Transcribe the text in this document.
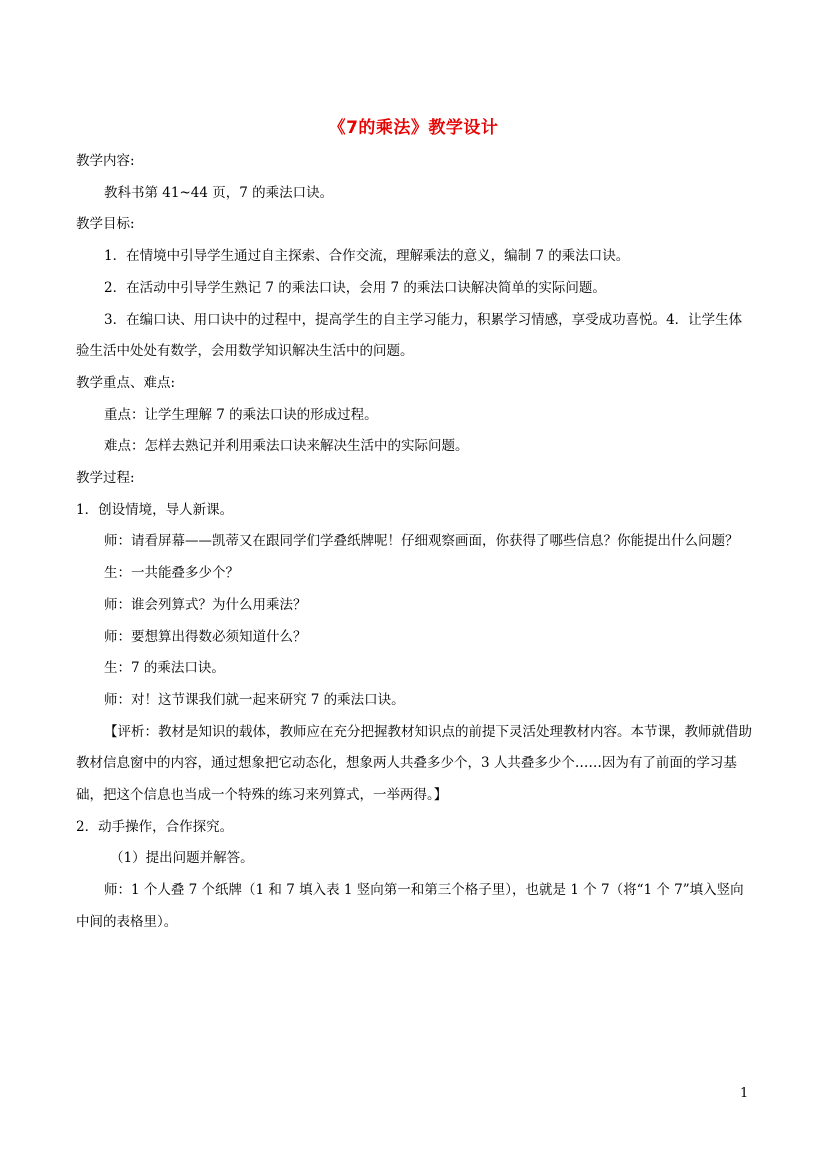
《7的乘法》教学设计

教学内容:

教科书第 41~44 页，7 的乘法口诀。

教学目标:

1．在情境中引导学生通过自主探索、合作交流，理解乘法的意义，编制 7 的乘法口诀。

2．在活动中引导学生熟记 7 的乘法口诀，会用 7 的乘法口诀解决简单的实际问题。

3．在编口诀、用口诀中的过程中，提高学生的自主学习能力，积累学习情感，享受成功喜悦。4．让学生体验生活中处处有数学，会用数学知识解决生活中的问题。

教学重点、难点:

重点：让学生理解 7 的乘法口诀的形成过程。

难点：怎样去熟记并利用乘法口诀来解决生活中的实际问题。

教学过程:

1．创设情境，导人新课。

师：请看屏幕——凯蒂又在跟同学们学叠纸牌呢！仔细观察画面，你获得了哪些信息？你能提出什么问题？

生：一共能叠多少个？

师：谁会列算式？为什么用乘法？

师：要想算出得数必须知道什么？

生：7 的乘法口诀。

师：对！这节课我们就一起来研究 7 的乘法口诀。

【评析：教材是知识的载体，教师应在充分把握教材知识点的前提下灵活处理教材内容。本节课，教师就借助教材信息窗中的内容，通过想象把它动态化，想象两人共叠多少个，3 人共叠多少个……因为有了前面的学习基础，把这个信息也当成一个特殊的练习来列算式，一举两得。】

2．动手操作，合作探究。

（1）提出问题并解答。

师：1 个人叠 7 个纸牌（1 和 7 填入表 1 竖向第一和第三个格子里），也就是 1 个 7（将“1 个 7”填入竖向中间的表格里）。

1
